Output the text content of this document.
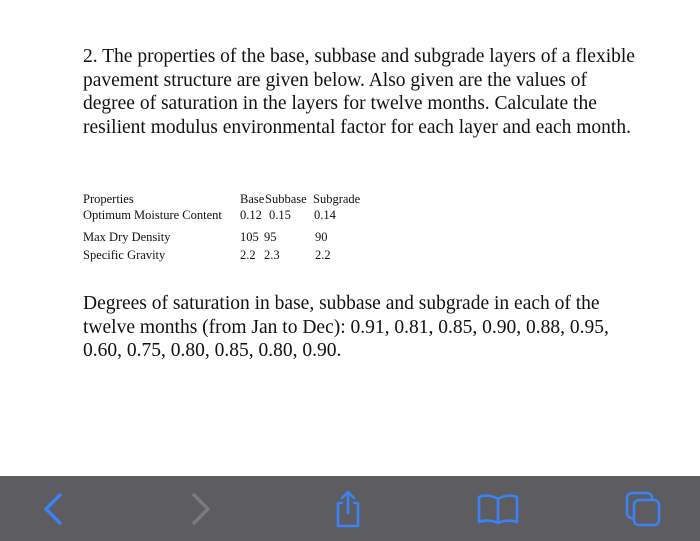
2. The properties of the base, subbase and subgrade layers of a flexible pavement structure are given below. Also given are the values of degree of saturation in the layers for twelve months. Calculate the resilient modulus environmental factor for each layer and each month.

Properties	Base Subbase Subgrade
Optimum Moisture Content 0.12 0.15 0.14
Max Dry Density	105 95	90
Specific Gravity	2.2 2.3	2.2

Degrees of saturation in base, subbase and subgrade in each of the twelve months (from Jan to Dec): 0.91, 0.81, 0.85, 0.90, 0.88, 0.95, 0.60, 0.75, 0.80, 0.85, 0.80, 0.90.
